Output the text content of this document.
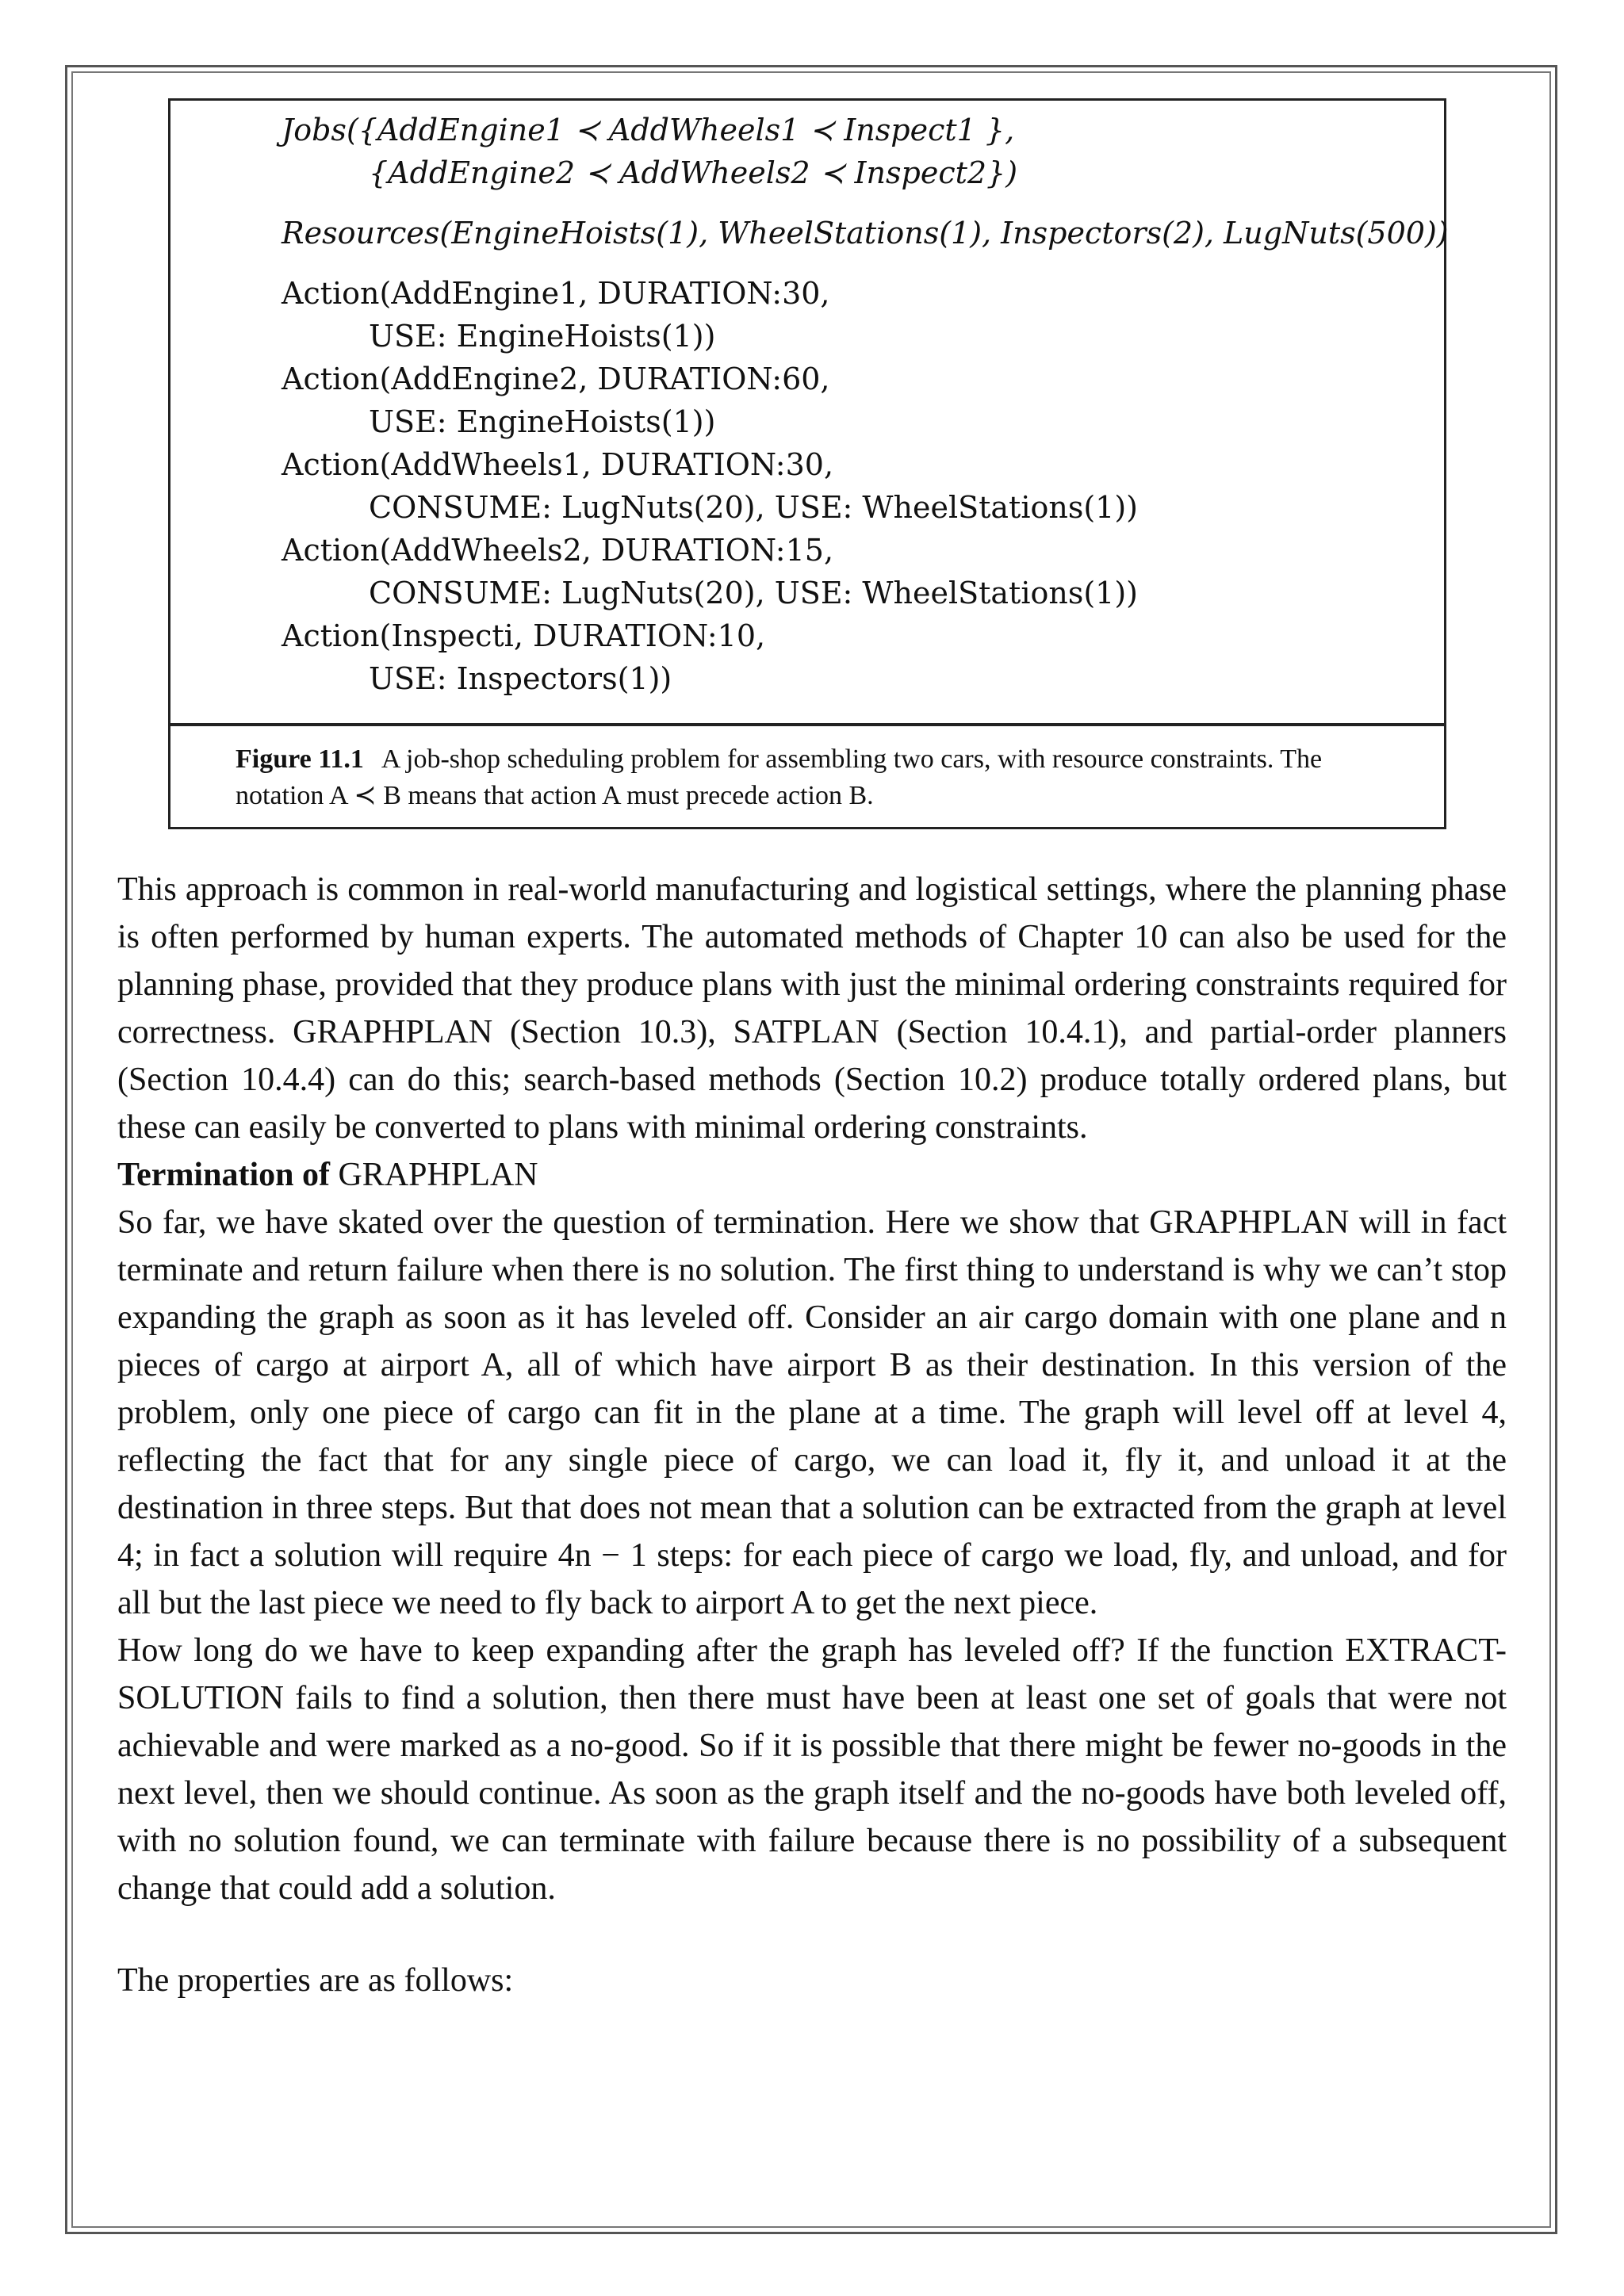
Jobs({AddEngine1 ≺ AddWheels1 ≺ Inspect1 },
{AddEngine2 ≺ AddWheels2 ≺ Inspect2})
Resources(EngineHoists(1), WheelStations(1), Inspectors(2), LugNuts(500))
Action(AddEngine1, DURATION:30,
USE: EngineHoists(1))
Action(AddEngine2, DURATION:60,
USE: EngineHoists(1))
Action(AddWheels1, DURATION:30,
CONSUME: LugNuts(20), USE: WheelStations(1))
Action(AddWheels2, DURATION:15,
CONSUME: LugNuts(20), USE: WheelStations(1))
Action(Inspecti, DURATION:10,
USE: Inspectors(1))
Figure 11.1 A job-shop scheduling problem for assembling two cars, with resource constraints. The notation A ≺ B means that action A must precede action B.

This approach is common in real-world manufacturing and logistical settings, where the planning phase is often performed by human experts. The automated methods of Chapter 10 can also be used for the planning phase, provided that they produce plans with just the minimal ordering constraints required for correctness. GRAPHPLAN (Section 10.3), SATPLAN (Section 10.4.1), and partial-order planners (Section 10.4.4) can do this; search-based methods (Section 10.2) produce totally ordered plans, but these can easily be converted to plans with minimal ordering constraints.

Termination of GRAPHPLAN

So far, we have skated over the question of termination. Here we show that GRAPHPLAN will in fact terminate and return failure when there is no solution. The first thing to understand is why we can’t stop expanding the graph as soon as it has leveled off. Consider an air cargo domain with one plane and n pieces of cargo at airport A, all of which have airport B as their destination. In this version of the problem, only one piece of cargo can fit in the plane at a time. The graph will level off at level 4, reflecting the fact that for any single piece of cargo, we can load it, fly it, and unload it at the destination in three steps. But that does not mean that a solution can be extracted from the graph at level 4; in fact a solution will require 4n − 1 steps: for each piece of cargo we load, fly, and unload, and for all but the last piece we need to fly back to airport A to get the next piece.

How long do we have to keep expanding after the graph has leveled off? If the function EXTRACT-SOLUTION fails to find a solution, then there must have been at least one set of goals that were not achievable and were marked as a no-good. So if it is possible that there might be fewer no-goods in the next level, then we should continue. As soon as the graph itself and the no-goods have both leveled off, with no solution found, we can terminate with failure because there is no possibility of a subsequent change that could add a solution.

The properties are as follows:
